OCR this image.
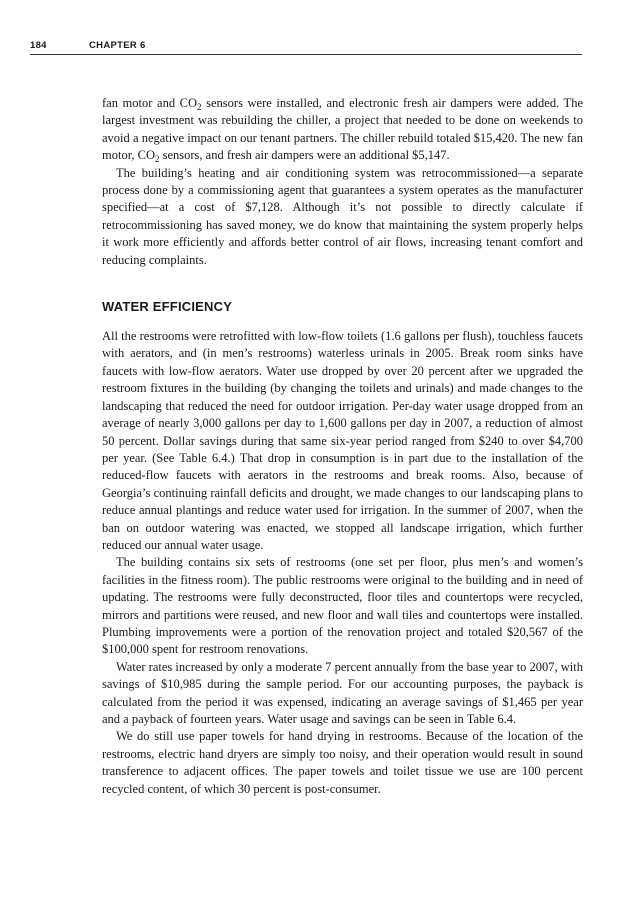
184	CHAPTER 6

fan motor and $CO_2$ sensors were installed, and electronic fresh air dampers were added. The largest investment was rebuilding the chiller, a project that needed to be done on weekends to avoid a negative impact on our tenant partners. The chiller rebuild totaled $15,420. The new fan motor, $CO_2$ sensors, and fresh air dampers were an additional $5,147.

The building’s heating and air conditioning system was retrocommissioned—a separate process done by a commissioning agent that guarantees a system operates as the manufacturer specified—at a cost of $7,128. Although it’s not possible to directly calculate if retrocommissioning has saved money, we do know that maintaining the system properly helps it work more efficiently and affords better control of air flows, increasing tenant comfort and reducing complaints.

WATER EFFICIENCY

All the restrooms were retrofitted with low-flow toilets (1.6 gallons per flush), touchless faucets with aerators, and (in men’s restrooms) waterless urinals in 2005. Break room sinks have faucets with low-flow aerators. Water use dropped by over 20 percent after we upgraded the restroom fixtures in the building (by changing the toilets and urinals) and made changes to the landscaping that reduced the need for outdoor irrigation. Per-day water usage dropped from an average of nearly 3,000 gallons per day to 1,600 gallons per day in 2007, a reduction of almost 50 percent. Dollar savings during that same six-year period ranged from $240 to over $4,700 per year. (See Table 6.4.) That drop in consumption is in part due to the installation of the reduced-flow faucets with aerators in the restrooms and break rooms. Also, because of Georgia’s continuing rainfall deficits and drought, we made changes to our landscaping plans to reduce annual plantings and reduce water used for irrigation. In the summer of 2007, when the ban on outdoor watering was enacted, we stopped all landscape irrigation, which further reduced our annual water usage.

The building contains six sets of restrooms (one set per floor, plus men’s and women’s facilities in the fitness room). The public restrooms were original to the building and in need of updating. The restrooms were fully deconstructed, floor tiles and countertops were recycled, mirrors and partitions were reused, and new floor and wall tiles and countertops were installed. Plumbing improvements were a portion of the renovation project and totaled $20,567 of the $100,000 spent for restroom renovations.

Water rates increased by only a moderate 7 percent annually from the base year to 2007, with savings of $10,985 during the sample period. For our accounting purposes, the payback is calculated from the period it was expensed, indicating an average savings of $1,465 per year and a payback of fourteen years. Water usage and savings can be seen in Table 6.4.

We do still use paper towels for hand drying in restrooms. Because of the location of the restrooms, electric hand dryers are simply too noisy, and their operation would result in sound transference to adjacent offices. The paper towels and toilet tissue we use are 100 percent recycled content, of which 30 percent is post-consumer.
